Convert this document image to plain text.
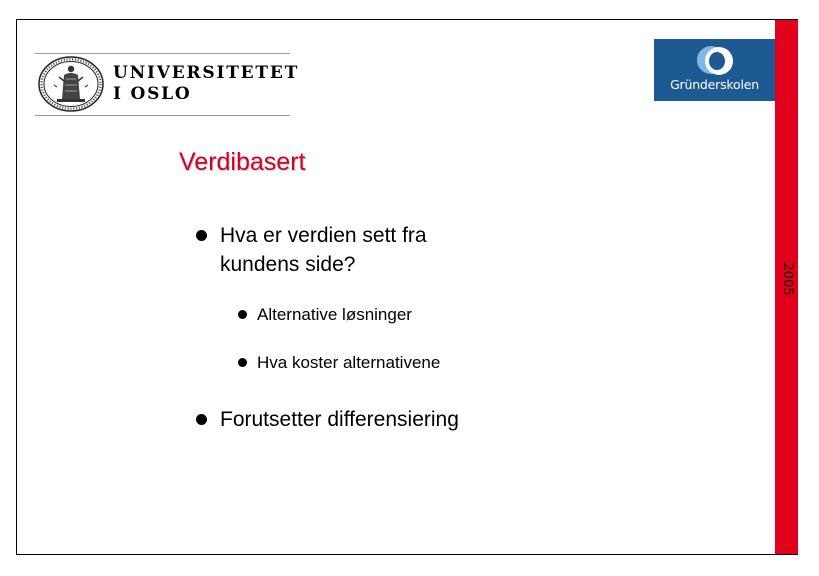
UNIVERSITETET
I OSLO	Gründerskolen
2005
Verdibasert
Hva er verdien sett fra
kundens side?
Alternative løsninger
Hva koster alternativene
Forutsetter differensiering
